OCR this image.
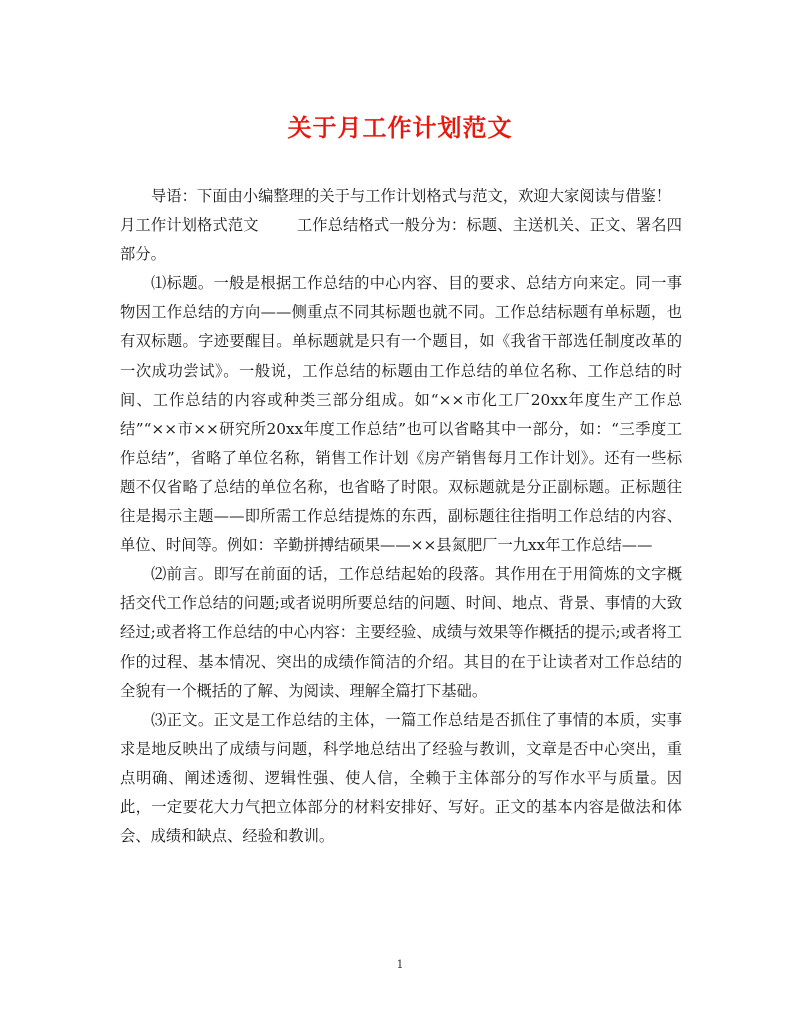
关于月工作计划范文

导语：下面由小编整理的关于与工作计划格式与范文，欢迎大家阅读与借鉴！

月工作计划格式范文 工作总结格式一般分为：标题、主送机关、正文、署名四部分。

⑴标题。一般是根据工作总结的中心内容、目的要求、总结方向来定。同一事物因工作总结的方向——侧重点不同其标题也就不同。工作总结标题有单标题，也有双标题。字迹要醒目。单标题就是只有一个题目，如《我省干部选任制度改革的一次成功尝试》。一般说，工作总结的标题由工作总结的单位名称、工作总结的时间、工作总结的内容或种类三部分组成。如“××市化工厂20xx年度生产工作总结”“××市××研究所20xx年度工作总结”也可以省略其中一部分，如：“三季度工作总结”，省略了单位名称，销售工作计划《房产销售每月工作计划》。还有一些标题不仅省略了总结的单位名称，也省略了时限。双标题就是分正副标题。正标题往往是揭示主题——即所需工作总结提炼的东西，副标题往往指明工作总结的内容、单位、时间等。例如：辛勤拼搏结硕果——××县氮肥厂一九xx年工作总结——

⑵前言。即写在前面的话，工作总结起始的段落。其作用在于用简炼的文字概括交代工作总结的问题;或者说明所要总结的问题、时间、地点、背景、事情的大致经过;或者将工作总结的中心内容：主要经验、成绩与效果等作概括的提示;或者将工作的过程、基本情况、突出的成绩作简洁的介绍。其目的在于让读者对工作总结的全貌有一个概括的了解、为阅读、理解全篇打下基础。

⑶正文。正文是工作总结的主体，一篇工作总结是否抓住了事情的本质，实事求是地反映出了成绩与问题，科学地总结出了经验与教训，文章是否中心突出，重点明确、阐述透彻、逻辑性强、使人信，全赖于主体部分的写作水平与质量。因此，一定要花大力气把立体部分的材料安排好、写好。正文的基本内容是做法和体会、成绩和缺点、经验和教训。

1
